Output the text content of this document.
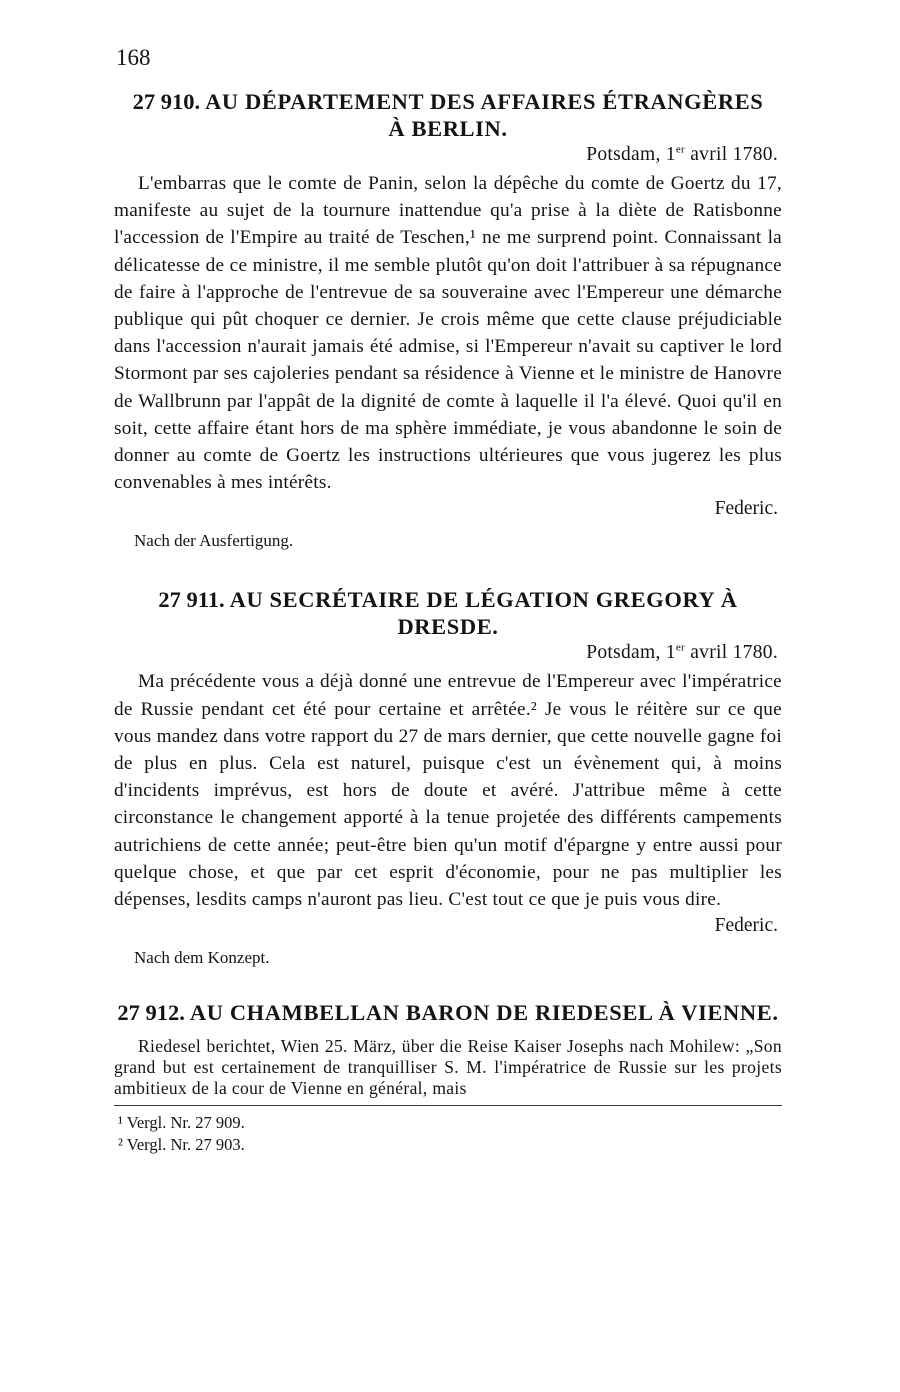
168
27 910. AU DÉPARTEMENT DES AFFAIRES ÉTRANGÈRES
À BERLIN.
Potsdam, 1er avril 1780.

L'embarras que le comte de Panin, selon la dépêche du comte de Goertz du 17, manifeste au sujet de la tournure inattendue qu'a prise à la diète de Ratisbonne l'accession de l'Empire au traité de Teschen,¹ ne me surprend point. Connaissant la délicatesse de ce ministre, il me semble plutôt qu'on doit l'attribuer à sa répugnance de faire à l'approche de l'entrevue de sa souveraine avec l'Empereur une démarche publique qui pût choquer ce dernier. Je crois même que cette clause préjudiciable dans l'accession n'aurait jamais été admise, si l'Empereur n'avait su captiver le lord Stormont par ses cajoleries pendant sa résidence à Vienne et le ministre de Hanovre de Wallbrunn par l'appât de la dignité de comte à laquelle il l'a élevé. Quoi qu'il en soit, cette affaire étant hors de ma sphère immédiate, je vous abandonne le soin de donner au comte de Goertz les instructions ultérieures que vous jugerez les plus convenables à mes intérêts.

Federic.
Nach der Ausfertigung.
27 911. AU SECRÉTAIRE DE LÉGATION GREGORY À DRESDE.
Potsdam, 1er avril 1780.

Ma précédente vous a déjà donné une entrevue de l'Empereur avec l'impératrice de Russie pendant cet été pour certaine et arrêtée.² Je vous le réitère sur ce que vous mandez dans votre rapport du 27 de mars dernier, que cette nouvelle gagne foi de plus en plus. Cela est naturel, puisque c'est un évènement qui, à moins d'incidents imprévus, est hors de doute et avéré. J'attribue même à cette circonstance le changement apporté à la tenue projetée des différents campements autrichiens de cette année; peut-être bien qu'un motif d'épargne y entre aussi pour quelque chose, et que par cet esprit d'économie, pour ne pas multiplier les dépenses, lesdits camps n'auront pas lieu. C'est tout ce que je puis vous dire.

Federic.
Nach dem Konzept.
27 912. AU CHAMBELLAN BARON DE RIEDESEL À VIENNE.

Riedesel berichtet, Wien 25. März, über die Reise Kaiser Josephs nach Mohilew: „Son grand but est certainement de tranquilliser S. M. l'impératrice de Russie sur les projets ambitieux de la cour de Vienne en général, mais

¹ Vergl. Nr. 27 909.
² Vergl. Nr. 27 903.
